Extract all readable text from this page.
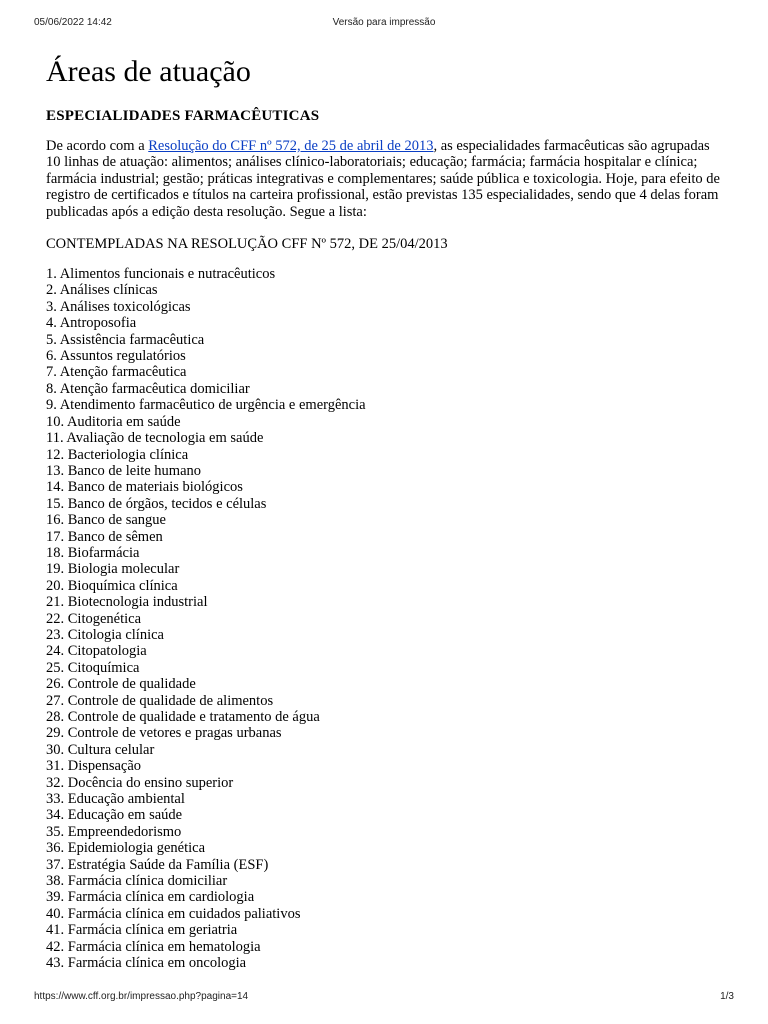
05/06/2022 14:42	Versão para impressão
Áreas de atuação
ESPECIALIDADES FARMACÊUTICAS

De acordo com a Resolução do CFF nº 572, de 25 de abril de 2013, as especialidades farmacêuticas são agrupadas 10 linhas de atuação: alimentos; análises clínico-laboratoriais; educação; farmácia; farmácia hospitalar e clínica; farmácia industrial; gestão; práticas integrativas e complementares; saúde pública e toxicologia. Hoje, para efeito de registro de certificados e títulos na carteira profissional, estão previstas 135 especialidades, sendo que 4 delas foram publicadas após a edição desta resolução. Segue a lista:

CONTEMPLADAS NA RESOLUÇÃO CFF Nº 572, DE 25/04/2013
1. Alimentos funcionais e nutracêuticos
2. Análises clínicas
3. Análises toxicológicas
4. Antroposofia
5. Assistência farmacêutica
6. Assuntos regulatórios
7. Atenção farmacêutica
8. Atenção farmacêutica domiciliar
9. Atendimento farmacêutico de urgência e emergência
10. Auditoria em saúde
11. Avaliação de tecnologia em saúde
12. Bacteriologia clínica
13. Banco de leite humano
14. Banco de materiais biológicos
15. Banco de órgãos, tecidos e células
16. Banco de sangue
17. Banco de sêmen
18. Biofarmácia
19. Biologia molecular
20. Bioquímica clínica
21. Biotecnologia industrial
22. Citogenética
23. Citologia clínica
24. Citopatologia
25. Citoquímica
26. Controle de qualidade
27. Controle de qualidade de alimentos
28. Controle de qualidade e tratamento de água
29. Controle de vetores e pragas urbanas
30. Cultura celular
31. Dispensação
32. Docência do ensino superior
33. Educação ambiental
34. Educação em saúde
35. Empreendedorismo
36. Epidemiologia genética
37. Estratégia Saúde da Família (ESF)
38. Farmácia clínica domiciliar
39. Farmácia clínica em cardiologia
40. Farmácia clínica em cuidados paliativos
41. Farmácia clínica em geriatria
42. Farmácia clínica em hematologia
43. Farmácia clínica em oncologia
https://www.cff.org.br/impressao.php?pagina=14	1/3
